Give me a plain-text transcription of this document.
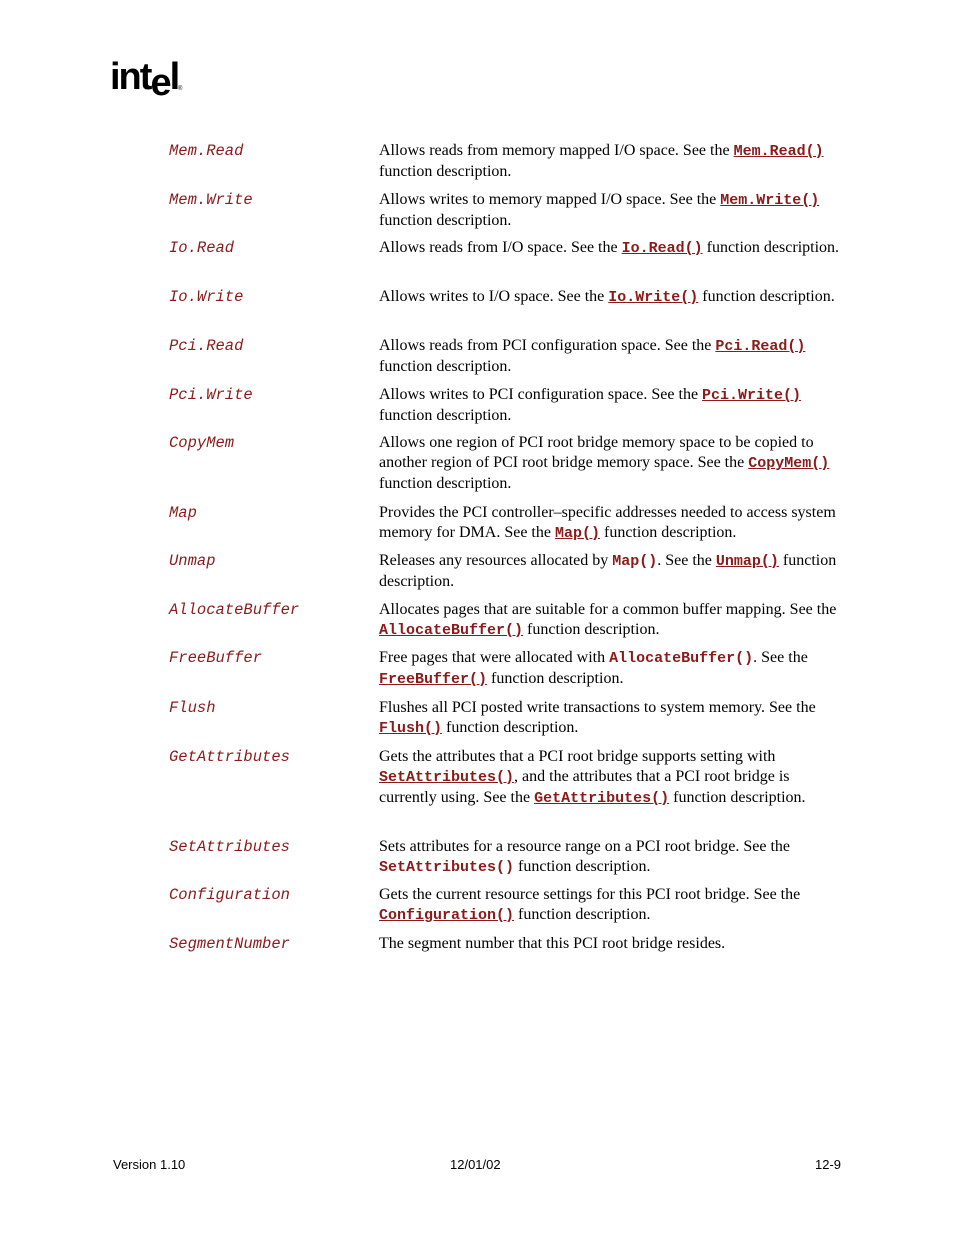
intel ®
Mem.Read	Allows reads from memory mapped I/O space. See the Mem.Read() function description.
Mem.Write	Allows writes to memory mapped I/O space. See the Mem.Write() function description.
Io.Read	Allows reads from I/O space. See the Io.Read() function description.
Io.Write	Allows writes to I/O space. See the Io.Write() function description.
Pci.Read	Allows reads from PCI configuration space. See the Pci.Read() function description.
Pci.Write	Allows writes to PCI configuration space. See the Pci.Write() function description.
CopyMem	Allows one region of PCI root bridge memory space to be copied to another region of PCI root bridge memory space. See the CopyMem() function description.
Map	Provides the PCI controller–specific addresses needed to access system memory for DMA. See the Map() function description.
Unmap	Releases any resources allocated by Map(). See the Unmap() function description.
AllocateBuffer	Allocates pages that are suitable for a common buffer mapping. See the AllocateBuffer() function description.
FreeBuffer	Free pages that were allocated with AllocateBuffer(). See the FreeBuffer() function description.
Flush	Flushes all PCI posted write transactions to system memory. See the Flush() function description.
GetAttributes	Gets the attributes that a PCI root bridge supports setting with SetAttributes(), and the attributes that a PCI root bridge is currently using. See the GetAttributes() function description.
SetAttributes	Sets attributes for a resource range on a PCI root bridge. See the SetAttributes() function description.
Configuration	Gets the current resource settings for this PCI root bridge. See the Configuration() function description.
SegmentNumber	The segment number that this PCI root bridge resides.
Version 1.10	12/01/02	12-9
